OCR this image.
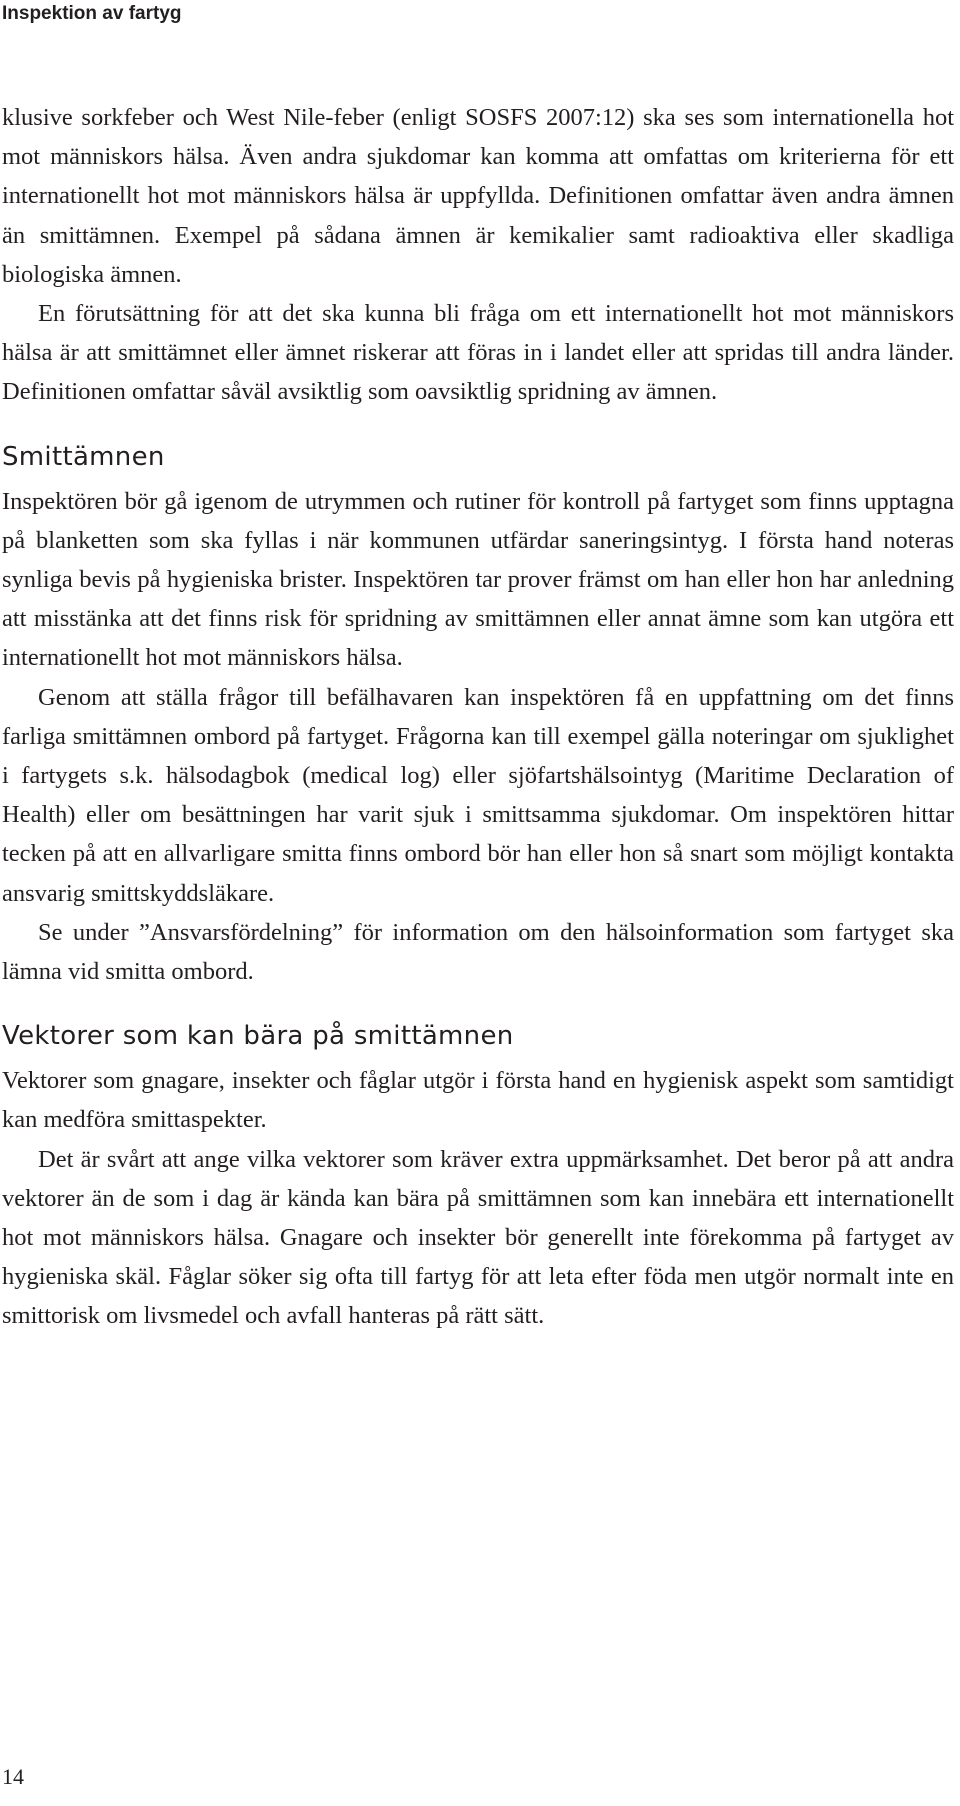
Inspektion av fartyg

klusive sorkfeber och West Nile-feber (enligt SOSFS 2007:12) ska ses som internationella hot mot människors hälsa. Även andra sjukdomar kan komma att omfattas om kriterierna för ett internationellt hot mot människors hälsa är uppfyllda. Definitionen omfattar även andra ämnen än smittämnen. Exempel på sådana ämnen är kemikalier samt radioaktiva eller skadliga biologiska ämnen.

En förutsättning för att det ska kunna bli fråga om ett internationellt hot mot människors hälsa är att smittämnet eller ämnet riskerar att föras in i landet eller att spridas till andra länder. Definitionen omfattar såväl avsiktlig som oavsiktlig spridning av ämnen.

Smittämnen

Inspektören bör gå igenom de utrymmen och rutiner för kontroll på fartyget som finns upptagna på blanketten som ska fyllas i när kommunen utfärdar saneringsintyg. I första hand noteras synliga bevis på hygieniska brister. Inspektören tar prover främst om han eller hon har anledning att misstänka att det finns risk för spridning av smittämnen eller annat ämne som kan utgöra ett internationellt hot mot människors hälsa.

Genom att ställa frågor till befälhavaren kan inspektören få en uppfattning om det finns farliga smittämnen ombord på fartyget. Frågorna kan till exempel gälla noteringar om sjuklighet i fartygets s.k. hälsodagbok (medical log) eller sjöfartshälsointyg (Maritime Declaration of Health) eller om besättningen har varit sjuk i smittsamma sjukdomar. Om inspektören hittar tecken på att en allvarligare smitta finns ombord bör han eller hon så snart som möjligt kontakta ansvarig smittskyddsläkare.

Se under ”Ansvarsfördelning” för information om den hälsoinformation som fartyget ska lämna vid smitta ombord.

Vektorer som kan bära på smittämnen

Vektorer som gnagare, insekter och fåglar utgör i första hand en hygienisk aspekt som samtidigt kan medföra smittaspekter.

Det är svårt att ange vilka vektorer som kräver extra uppmärksamhet. Det beror på att andra vektorer än de som i dag är kända kan bära på smittämnen som kan innebära ett internationellt hot mot människors hälsa. Gnagare och insekter bör generellt inte förekomma på fartyget av hygieniska skäl. Fåglar söker sig ofta till fartyg för att leta efter föda men utgör normalt inte en smittorisk om livsmedel och avfall hanteras på rätt sätt.

14
